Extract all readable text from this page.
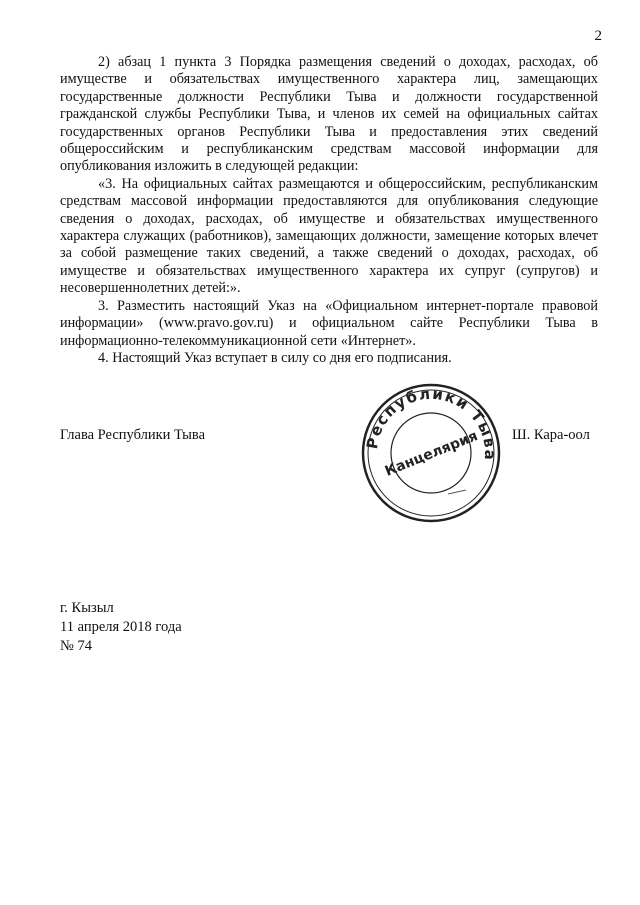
2

2) абзац 1 пункта 3 Порядка размещения сведений о доходах, расходах, об имуществе и обязательствах имущественного характера лиц, замещающих государственные должности Республики Тыва и должности государственной гражданской службы Республики Тыва, и членов их семей на официальных сайтах государственных органов Республики Тыва и предоставления этих сведений общероссийским и республиканским средствам массовой информации для опубликования изложить в следующей редакции:

«3. На официальных сайтах размещаются и общероссийским, республиканским средствам массовой информации предоставляются для опубликования следующие сведения о доходах, расходах, об имуществе и обязательствах имущественного характера служащих (работников), замещающих должности, замещение которых влечет за собой размещение таких сведений, а также сведений о доходах, расходах, об имуществе и обязательствах имущественного характера их супруг (супругов) и несовершеннолетних детей:».

3. Разместить настоящий Указ на «Официальном интернет-портале правовой информации» (www.pravo.gov.ru) и официальном сайте Республики Тыва в информационно-телекоммуникационной сети «Интернет».

4. Настоящий Указ вступает в силу со дня его подписания.

Глава Республики Тыва	Республики Тыва
Канцелярия Ш. Кара-оол
г. Кызыл
11 апреля 2018 года
№ 74
